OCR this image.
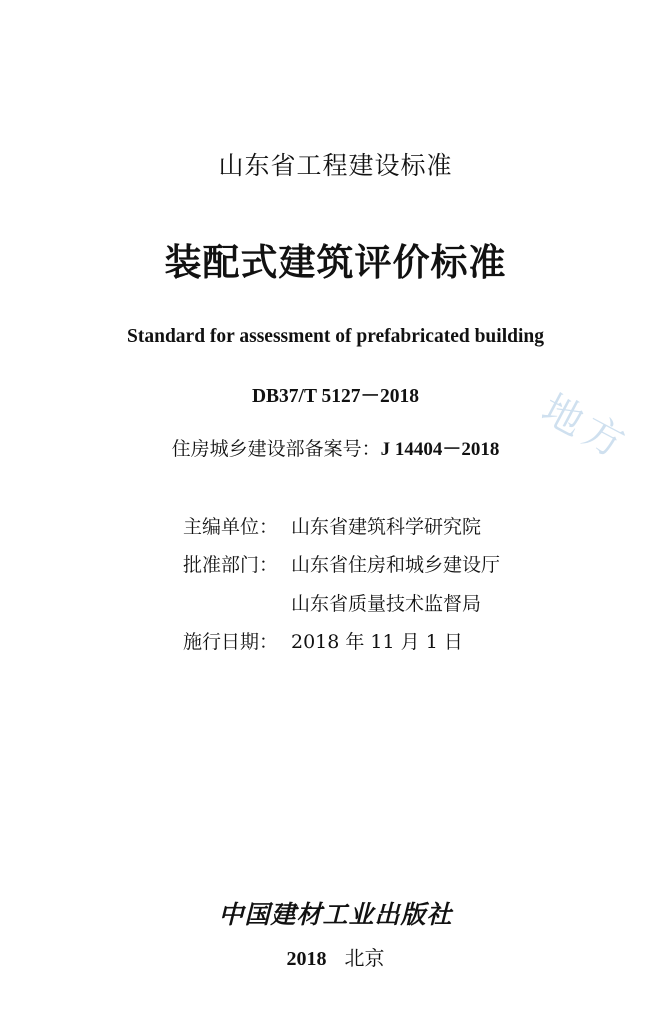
地方
山东省工程建设标准
装配式建筑评价标准
Standard for assessment of prefabricated building
DB37/T 5127－2018
住房城乡建设部备案号：J 14404－2018
主编单位： 山东省建筑科学研究院
批准部门： 山东省住房和城乡建设厅
山东省质量技术监督局
施行日期： 2018 年 11 月 1 日
中国建材工业出版社
2018 北京
